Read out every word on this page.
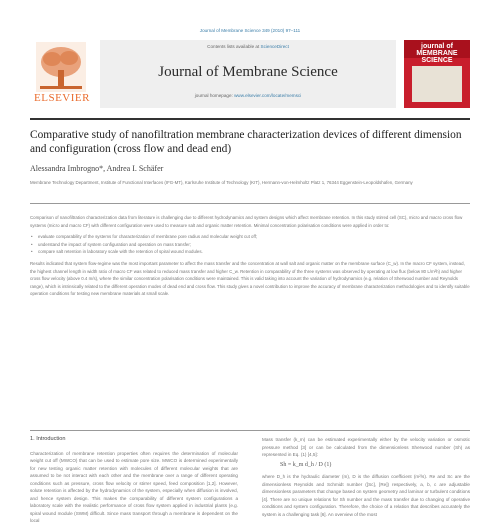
Journal of Membrane Science 349 (2010) 97–111
ELSEVIER
Contents lists available at ScienceDirect
Journal of Membrane Science
journal homepage: www.elsevier.com/locate/memsci
journal of MEMBRANE SCIENCE
Comparative study of nanofiltration membrane characterization devices of different dimension and configuration (cross flow and dead end)
Alessandra Imbrogno*, Andrea I. Schäfer
Membrane Technology Department, Institute of Functional Interfaces (IFG-MT), Karlsruhe Institute of Technology (KIT), Hermann-von-Helmholtz Platz 1, 76344 Eggenstein-Leopoldshafen, Germany

Comparison of nanofiltration characterization data from literature is challenging due to different hydrodynamics and system designs which affect membrane retention. In this study stirred cell (SC), micro and macro cross flow systems (micro and macro CF) with different configuration were used to measure salt and organic matter retention. Minimal concentration polarisation conditions were applied in order to:

• evaluate comparability of the systems for characterization of membrane pore radius and molecular weight cut off;
• understand the impact of system configuration and operation on mass transfer;
• compare salt retention in laboratory scale with the retention of spiral wound modules.

Results indicated that system flow-regime was the most important parameter to affect the mass transfer and the concentration at wall salt and organic matter on the membrane surface (C_w). In the macro CF system, instead, the highest channel length in width ratio of macro CF was related to reduced mass transfer and higher C_w. Retention in comparability of the three systems was observed by operating at low flux (below 80 L/m²h) and higher cross flow velocity (above 0.4 m/s), where the similar concentration polarisation conditions were maintained. This is valid taking into account the variation of hydrodynamics (e.g. relation of Sherwood number and Reynolds range), which is intrinsically related to the different operation modes of dead end and cross flow. This study gives a novel contribution to improve the accuracy of membrane characterization methodologies and to identify suitable operation conditions for testing new membrane materials at small scale.

1. Introduction

Characterization of membrane retention properties often requires the determination of molecular weight cut off (MWCO) that can be used to estimate pore size. MWCO is determined experimentally for new testing organic matter retention with molecules of different molecular weights that are assumed to be not interact with each other and the membrane over a range of different operating conditions such as pressure, cross flow velocity or stirrer speed, feed composition [1,2]. However, solute retention is affected by the hydrodynamics of the system, especially when diffusion is involved, and hence system design. This makes the comparability of different system configurations a laboratory scale with the realistic performance of cross flow system applied in industrial plants (e.g. spiral wound module (SWM) difficult. Since mass transport through a membrane is dependent on the local

Mass transfer (k_m) can be estimated experimentally either by the velocity variation or osmotic pressure method [3] or can be calculated from the dimensionless Sherwood number (Sh) as represented in Eq. (1) [4,5]:

Sh = k_m d_h / D (1)

where D_h is the hydraulic diameter (m), D is the diffusion coefficient (m²/s). Re and Sc are the dimensionless Reynolds and Schmidt number ([Sc], [Re]) respectively, a, b, c are adjustable dimensionless parameters that change based on system geometry and laminar or turbulent conditions [4]. There are no unique relations for Sh number and the mass transfer due to changing of operative conditions and system configuration. Therefore, the choice of a relation that describes accurately the system is a challenging task [6]. An overview of the most
